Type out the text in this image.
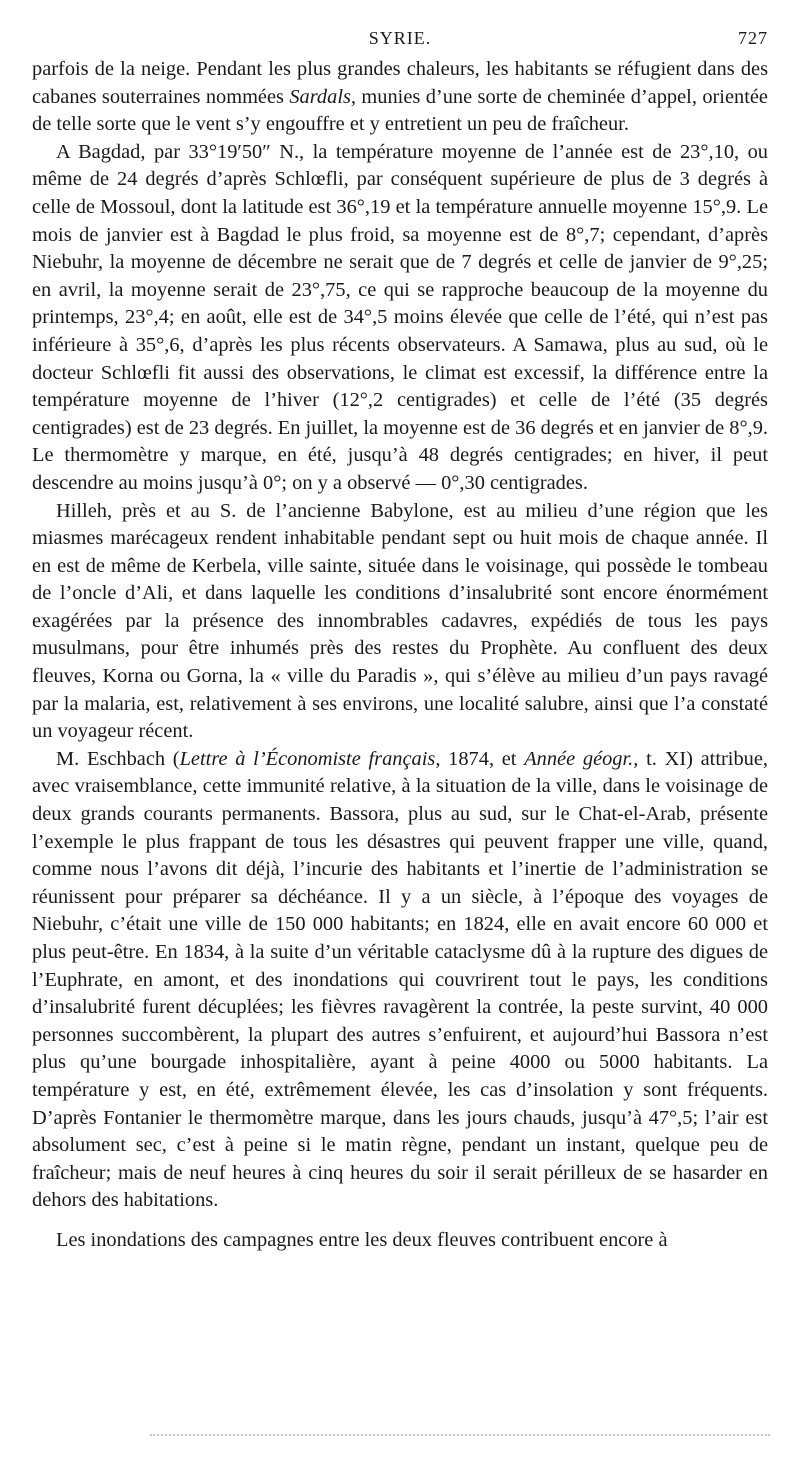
SYRIE.	727

parfois de la neige. Pendant les plus grandes chaleurs, les habitants se réfugient dans des cabanes souterraines nommées Sardals, munies d’une sorte de cheminée d’appel, orientée de telle sorte que le vent s’y engouffre et y entretient un peu de fraîcheur.

A Bagdad, par 33°19′50″ N., la température moyenne de l’année est de 23°,10, ou même de 24 degrés d’après Schlœfli, par conséquent supérieure de plus de 3 degrés à celle de Mossoul, dont la latitude est 36°,19 et la température annuelle moyenne 15°,9. Le mois de janvier est à Bagdad le plus froid, sa moyenne est de 8°,7; cependant, d’après Niebuhr, la moyenne de décembre ne serait que de 7 degrés et celle de janvier de 9°,25; en avril, la moyenne serait de 23°,75, ce qui se rapproche beaucoup de la moyenne du printemps, 23°,4; en août, elle est de 34°,5 moins élevée que celle de l’été, qui n’est pas inférieure à 35°,6, d’après les plus récents observateurs. A Samawa, plus au sud, où le docteur Schlœfli fit aussi des observations, le climat est excessif, la différence entre la température moyenne de l’hiver (12°,2 centigrades) et celle de l’été (35 degrés centigrades) est de 23 degrés. En juillet, la moyenne est de 36 degrés et en janvier de 8°,9. Le thermomètre y marque, en été, jusqu’à 48 degrés centigrades; en hiver, il peut descendre au moins jusqu’à 0°; on y a observé — 0°,30 centigrades.

Hilleh, près et au S. de l’ancienne Babylone, est au milieu d’une région que les miasmes marécageux rendent inhabitable pendant sept ou huit mois de chaque année. Il en est de même de Kerbela, ville sainte, située dans le voisinage, qui possède le tombeau de l’oncle d’Ali, et dans laquelle les conditions d’insalubrité sont encore énormément exagérées par la présence des innombrables cadavres, expédiés de tous les pays musulmans, pour être inhumés près des restes du Prophète. Au confluent des deux fleuves, Korna ou Gorna, la « ville du Paradis », qui s’élève au milieu d’un pays ravagé par la malaria, est, relativement à ses environs, une localité salubre, ainsi que l’a constaté un voyageur récent.

M. Eschbach (Lettre à l’Économiste français, 1874, et Année géogr., t. XI) attribue, avec vraisemblance, cette immunité relative, à la situation de la ville, dans le voisinage de deux grands courants permanents. Bassora, plus au sud, sur le Chat-el-Arab, présente l’exemple le plus frappant de tous les désastres qui peuvent frapper une ville, quand, comme nous l’avons dit déjà, l’incurie des habitants et l’inertie de l’administration se réunissent pour préparer sa déchéance. Il y a un siècle, à l’époque des voyages de Niebuhr, c’était une ville de 150 000 habitants; en 1824, elle en avait encore 60 000 et plus peut-être. En 1834, à la suite d’un véritable cataclysme dû à la rupture des digues de l’Euphrate, en amont, et des inondations qui couvrirent tout le pays, les conditions d’insalubrité furent décuplées; les fièvres ravagèrent la contrée, la peste survint, 40 000 personnes succombèrent, la plupart des autres s’enfuirent, et aujourd’hui Bassora n’est plus qu’une bourgade inhospitalière, ayant à peine 4000 ou 5000 habitants. La température y est, en été, extrêmement élevée, les cas d’insolation y sont fréquents. D’après Fontanier le thermomètre marque, dans les jours chauds, jusqu’à 47°,5; l’air est absolument sec, c’est à peine si le matin règne, pendant un instant, quelque peu de fraîcheur; mais de neuf heures à cinq heures du soir il serait périlleux de se hasarder en dehors des habitations.

Les inondations des campagnes entre les deux fleuves contribuent encore à
